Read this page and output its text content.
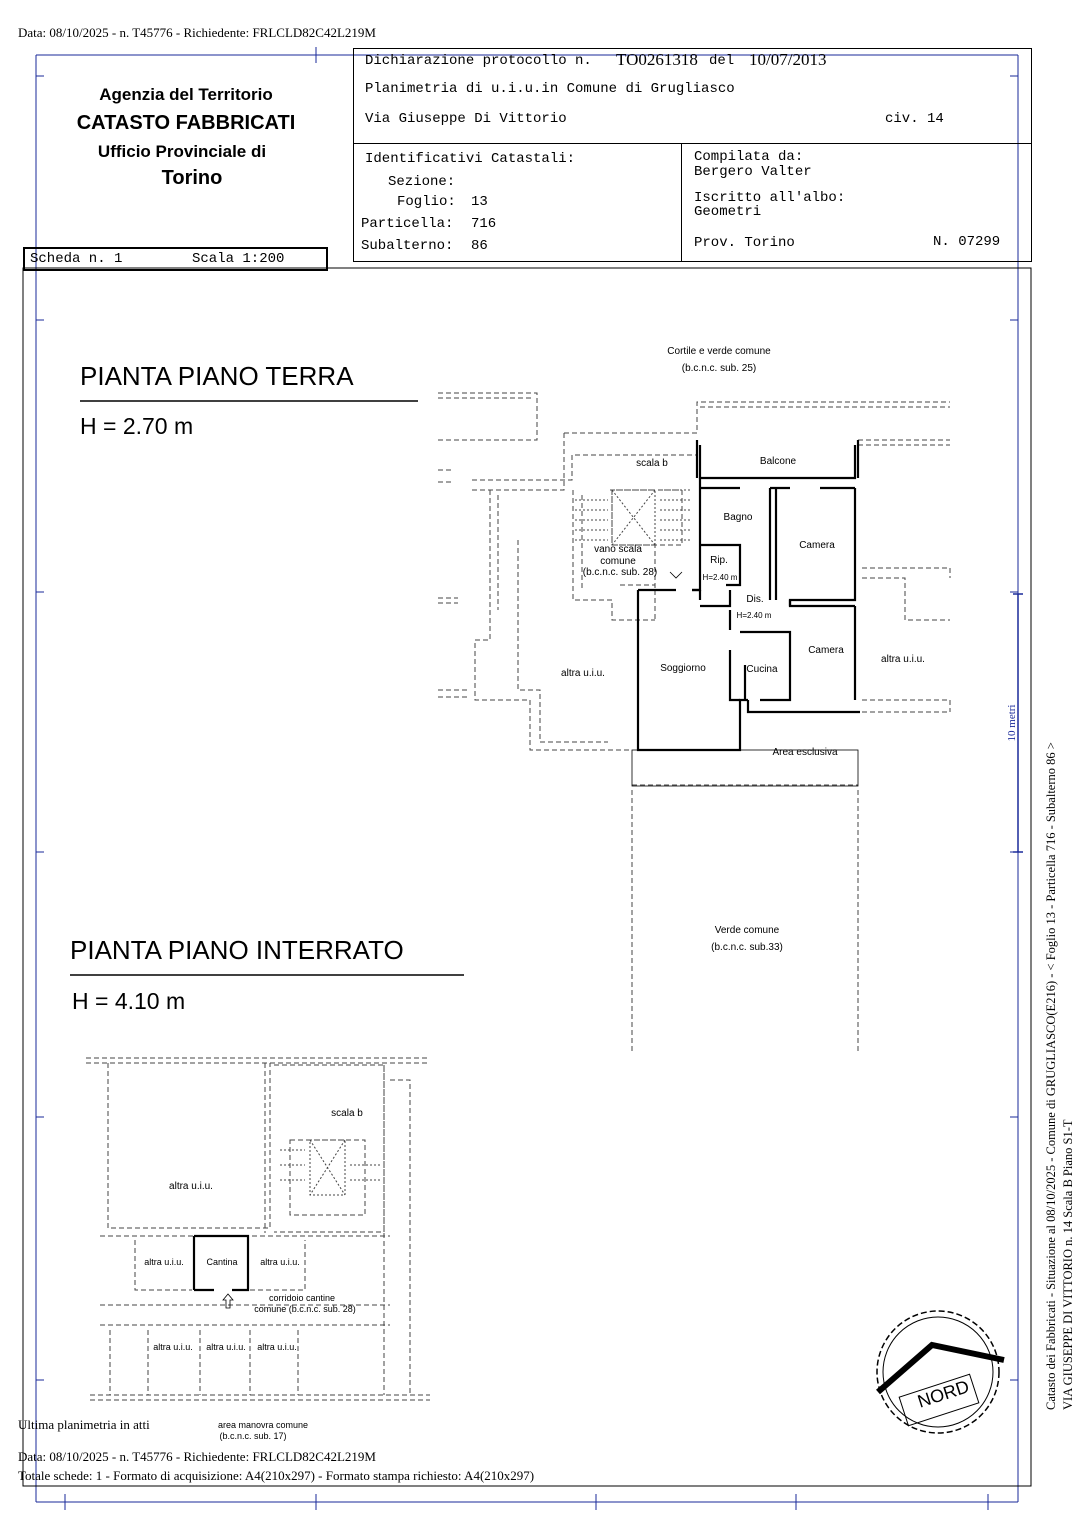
Data: 08/10/2025 - n. T45776 - Richiedente: FRLCLD82C42L219M
Agenzia del Territorio
CATASTO FABBRICATI
Ufficio Provinciale di
Torino
Scheda n. 1	Scala 1:200
Dichiarazione protocollo n. TO0261318 del 10/07/2013
Planimetria di u.i.u.in Comune di Grugliasco
Via Giuseppe Di Vittorio	civ. 14
Identificativi Catastali:
Sezione:
Foglio: 13
Particella: 716
Subalterno: 86
Compilata da:
Bergero Valter
Iscritto all'albo:
Geometri
Prov. Torino	N. 07299
PIANTA PIANO TERRA
H = 2.70 m
Cortile e verde comune
(b.c.n.c. sub. 25)
scala b	Balcone
Bagno
Camera
vano scala
comune
(b.c.n.c. sub. 28)
Rip.
H=2.40 m
Dis.
H=2.40 m
Camera
altra u.i.u.
altra u.i.u.
Soggiorno	Cucina
Area esclusiva
Verde comune
(b.c.n.c. sub.33)
PIANTA PIANO INTERRATO
H = 4.10 m
scala b
altra u.i.u.
altra u.i.u.	Cantina	altra u.i.u.
corridoio cantine
comune (b.c.n.c. sub. 28)
altra u.i.u. altra u.i.u. altra u.i.u.
area manovra comune
(b.c.n.c. sub. 17)
Ultima planimetria in atti
Data: 08/10/2025 - n. T45776 - Richiedente: FRLCLD82C42L219M
Totale schede: 1 - Formato di acquisizione: A4(210x297) - Formato stampa richiesto: A4(210x297)
10 metri
Catasto dei Fabbricati - Situazione al 08/10/2025 - Comune di GRUGLIASCO(E216) - < Foglio 13 - Particella 716 - Subalterno 86 > VIA GIUSEPPE DI VITTORIO n. 14 Scala B Piano S1-T
NORD
